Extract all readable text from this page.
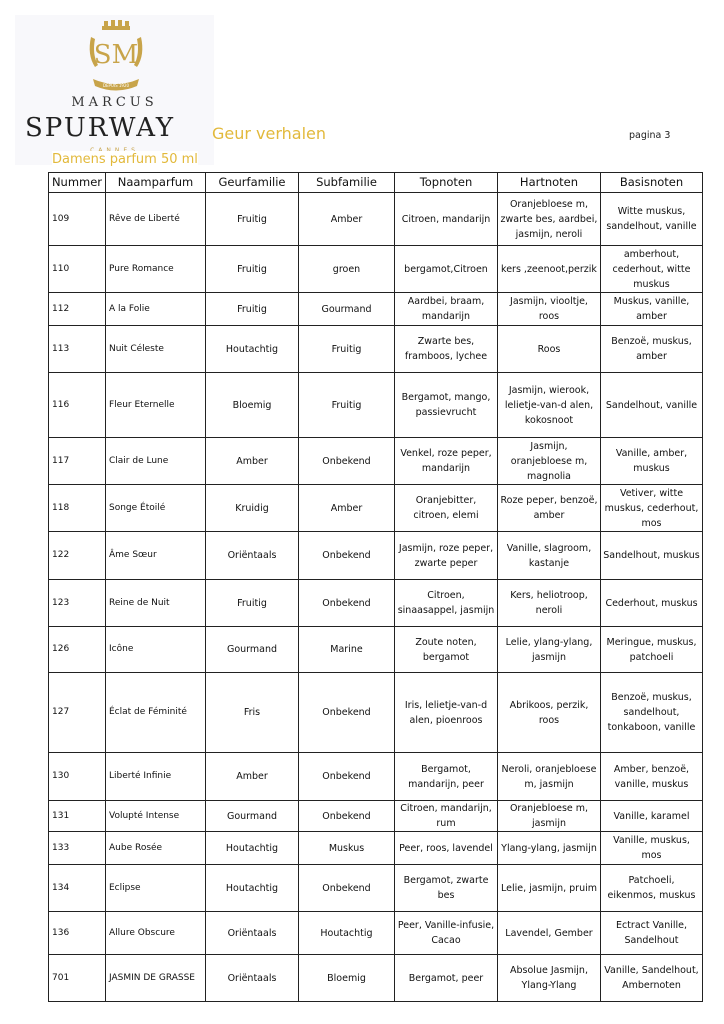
SM
DEPUIS 1920
MARCUS
SPURWAY Geur verhalen
Damens parfum 50 ml
pagina 3
Nummer	Naamparfum	Geurfamilie	Subfamilie	Topnoten	Hartnoten	Basisnoten
109	Rêve de Liberté	Fruitig	Amber	Citroen, mandarijn	Oranjebloese m, zwarte bes, aardbei, jasmijn, neroli	Witte muskus, sandelhout, vanille
110	Pure Romance	Fruitig	groen	bergamot,Citroen	kers ,zeenoot,perzik	amberhout, cederhout, witte muskus
112	A la Folie	Fruitig	Gourmand	Aardbei, braam, mandarijn	Jasmijn, viooltje, roos	Muskus, vanille, amber
113	Nuit Céleste	Houtachtig	Fruitig	Zwarte bes, framboos, lychee	Roos	Benzoë, muskus, amber
116	Fleur Eternelle	Bloemig	Fruitig	Bergamot, mango, passievrucht	Jasmijn, wierook, lelietje-van-d alen, kokosnoot	Sandelhout, vanille
117	Clair de Lune	Amber	Onbekend	Venkel, roze peper, mandarijn	Jasmijn, oranjebloese m, magnolia	Vanille, amber, muskus
118	Songe Étoilé	Kruidig	Amber	Oranjebitter, citroen, elemi	Roze peper, benzoë, amber	Vetiver, witte muskus, cederhout, mos
122	Âme Sœur	Oriëntaals	Onbekend	Jasmijn, roze peper, zwarte peper	Vanille, slagroom, kastanje	Sandelhout, muskus
123	Reine de Nuit	Fruitig	Onbekend	Citroen, sinaasappel, jasmijn	Kers, heliotroop, neroli	Cederhout, muskus
126	Icône	Gourmand	Marine	Zoute noten, bergamot	Lelie, ylang-ylang, jasmijn	Meringue, muskus, patchoeli
127	Éclat de Féminité	Fris	Onbekend	Iris, lelietje-van-d alen, pioenroos	Abrikoos, perzik, roos	Benzoë, muskus, sandelhout, tonkaboon, vanille
130	Liberté Infinie	Amber	Onbekend	Bergamot, mandarijn, peer	Neroli, oranjebloese m, jasmijn	Amber, benzoë, vanille, muskus
131	Volupté Intense	Gourmand	Onbekend	Citroen, mandarijn, rum	Oranjebloese m, jasmijn	Vanille, karamel
133	Aube Rosée	Houtachtig	Muskus	Peer, roos, lavendel	Ylang-ylang, jasmijn	Vanille, muskus, mos
134	Eclipse	Houtachtig	Onbekend	Bergamot, zwarte bes	Lelie, jasmijn, pruim	Patchoeli, eikenmos, muskus
136	Allure Obscure	Oriëntaals	Houtachtig	Peer, Vanille-infusie, Cacao	Lavendel, Gember	Ectract Vanille, Sandelhout
701	JASMIN DE GRASSE	Oriëntaals	Bloemig	Bergamot, peer	Absolue Jasmijn, Ylang-Ylang	Vanille, Sandelhout, Ambernoten
